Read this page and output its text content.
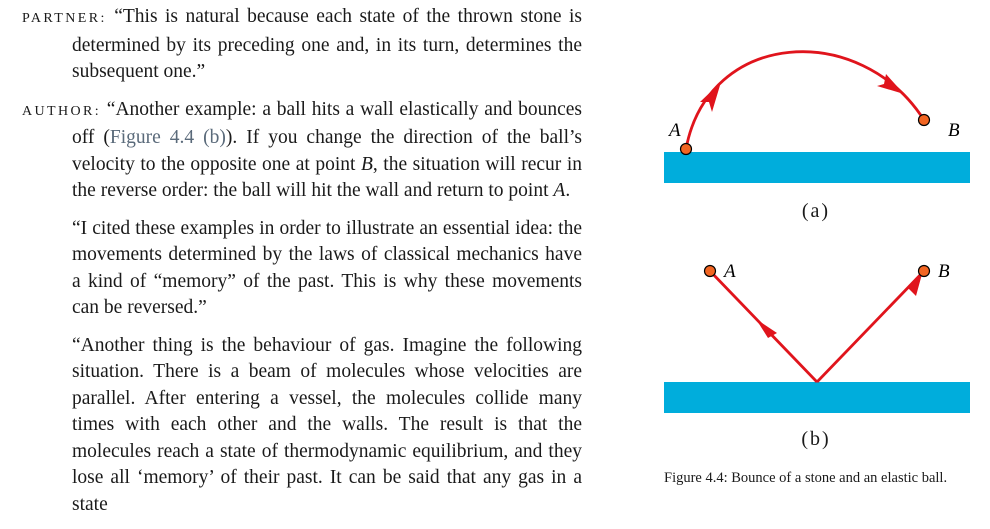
PARTNER: “This is natural because each state of the thrown stone is determined by its preceding one and, in its turn, determines the subsequent one.”

AUTHOR: “Another example: a ball hits a wall elastically and bounces off (Figure 4.4 (b)). If you change the direction of the ball’s velocity to the opposite one at point B, the situation will recur in the reverse order: the ball will hit the wall and return to point A.

“I cited these examples in order to illustrate an essential idea: the movements determined by the laws of classical mechanics have a kind of “memory” of the past. This is why these movements can be reversed.”

“Another thing is the behaviour of gas. Imagine the following situation. There is a beam of molecules whose velocities are parallel. After entering a vessel, the molecules collide many times with each other and the walls. The result is that the molecules reach a state of thermodynamic equilibrium, and they lose all ‘memory’ of their past. It can be said that any gas in a state

A	B
A	B
(a)
(b)
Figure 4.4: Bounce of a stone and an elastic ball.
